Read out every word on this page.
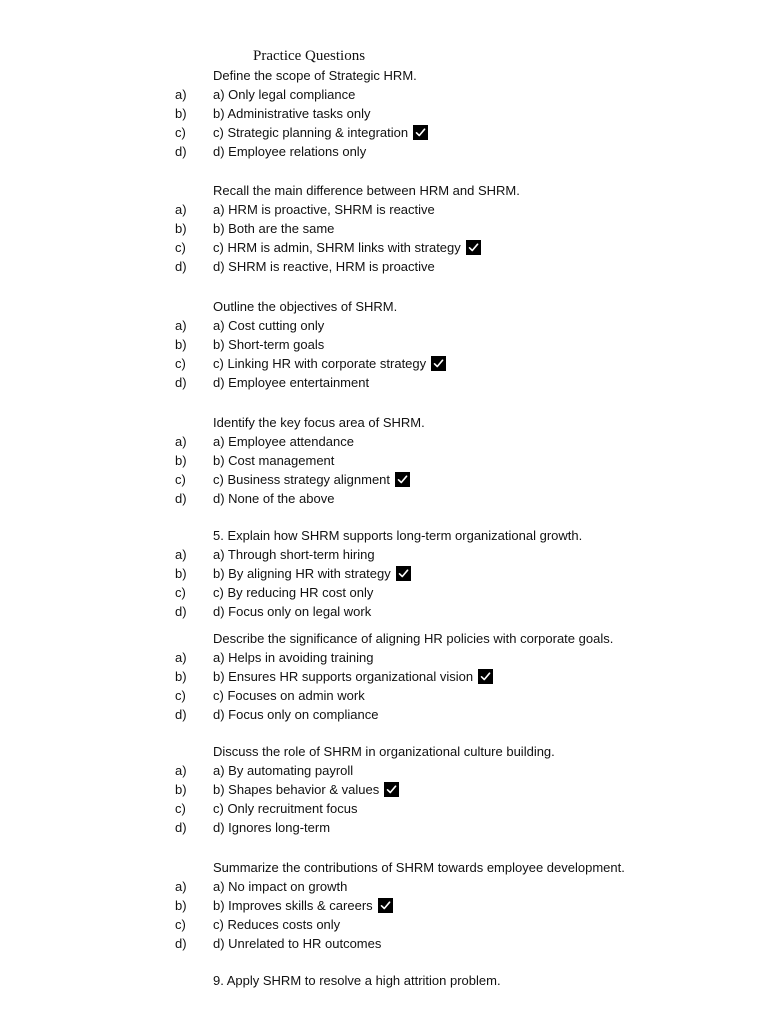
Practice Questions
Define the scope of Strategic HRM.
a) a) Only legal compliance
b) b) Administrative tasks only
c) c) Strategic planning & integration
d) d) Employee relations only
Recall the main difference between HRM and SHRM.
a) a) HRM is proactive, SHRM is reactive
b) b) Both are the same
c) c) HRM is admin, SHRM links with strategy
d) d) SHRM is reactive, HRM is proactive
Outline the objectives of SHRM.
a) a) Cost cutting only
b) b) Short-term goals
c) c) Linking HR with corporate strategy
d) d) Employee entertainment
Identify the key focus area of SHRM.
a) a) Employee attendance
b) b) Cost management
c) c) Business strategy alignment
d) d) None of the above
5. Explain how SHRM supports long-term organizational growth.
a) a) Through short-term hiring
b) b) By aligning HR with strategy
c) c) By reducing HR cost only
d) d) Focus only on legal work
Describe the significance of aligning HR policies with corporate goals.
a) a) Helps in avoiding training
b) b) Ensures HR supports organizational vision
c) c) Focuses on admin work
d) d) Focus only on compliance
Discuss the role of SHRM in organizational culture building.
a) a) By automating payroll
b) b) Shapes behavior & values
c) c) Only recruitment focus
d) d) Ignores long-term
Summarize the contributions of SHRM towards employee development.
a) a) No impact on growth
b) b) Improves skills & careers
c) c) Reduces costs only
d) d) Unrelated to HR outcomes
9. Apply SHRM to resolve a high attrition problem.
